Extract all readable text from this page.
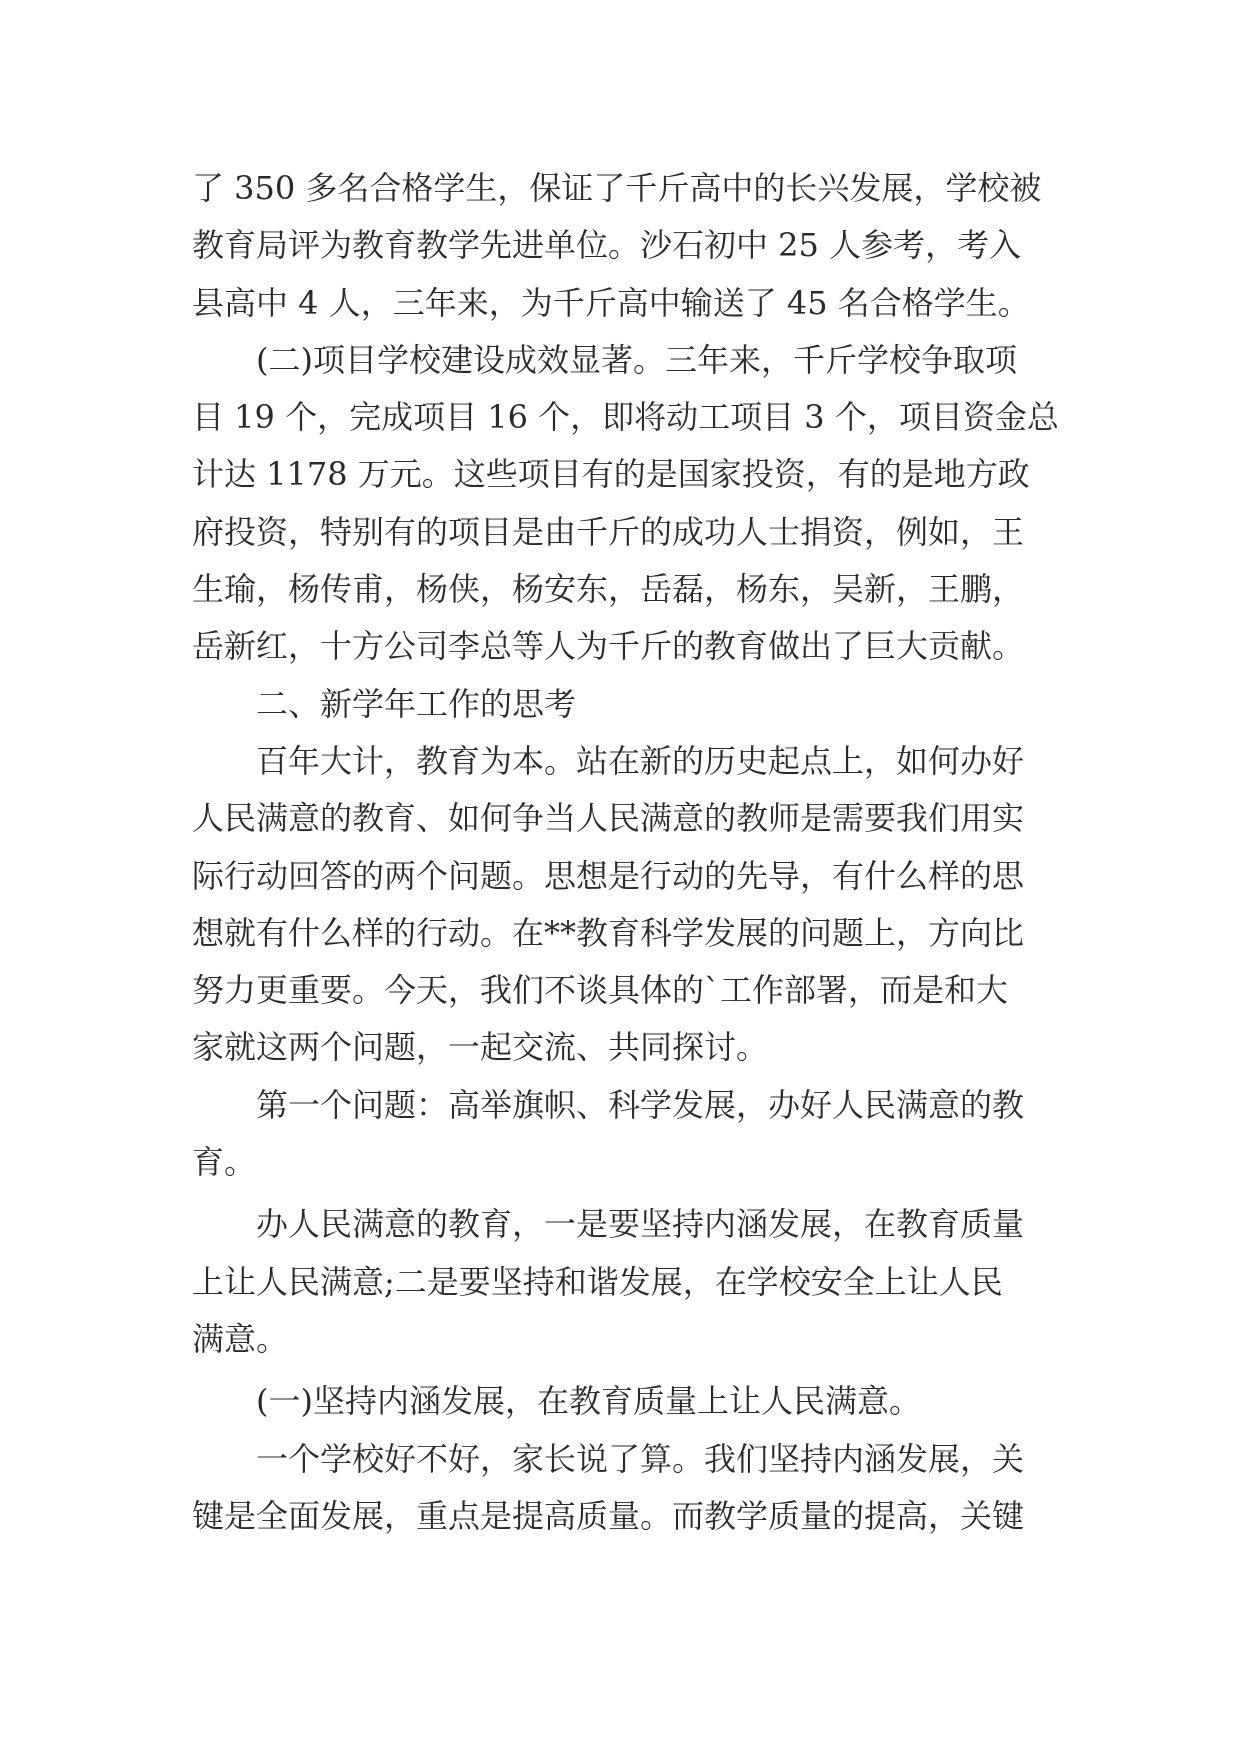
了 350 多名合格学生，保证了千斤高中的长兴发展，学校被
教育局评为教育教学先进单位。沙石初中 25 人参考，考入
县高中 4 人，三年来，为千斤高中输送了 45 名合格学生。
(二)项目学校建设成效显著。三年来，千斤学校争取项
目 19 个，完成项目 16 个，即将动工项目 3 个，项目资金总
计达 1178 万元。这些项目有的是国家投资，有的是地方政
府投资，特别有的项目是由千斤的成功人士捐资，例如，王
生瑜，杨传甫，杨侠，杨安东，岳磊，杨东，吴新，王鹏，
岳新红，十方公司李总等人为千斤的教育做出了巨大贡献。
二、新学年工作的思考
百年大计，教育为本。站在新的历史起点上，如何办好
人民满意的教育、如何争当人民满意的教师是需要我们用实
际行动回答的两个问题。思想是行动的先导，有什么样的思
想就有什么样的行动。在**教育科学发展的问题上，方向比
努力更重要。今天，我们不谈具体的`工作部署，而是和大
家就这两个问题，一起交流、共同探讨。
第一个问题：高举旗帜、科学发展，办好人民满意的教
育。
办人民满意的教育，一是要坚持内涵发展，在教育质量
上让人民满意;二是要坚持和谐发展，在学校安全上让人民
满意。
(一)坚持内涵发展，在教育质量上让人民满意。
一个学校好不好，家长说了算。我们坚持内涵发展，关
键是全面发展，重点是提高质量。而教学质量的提高，关键
